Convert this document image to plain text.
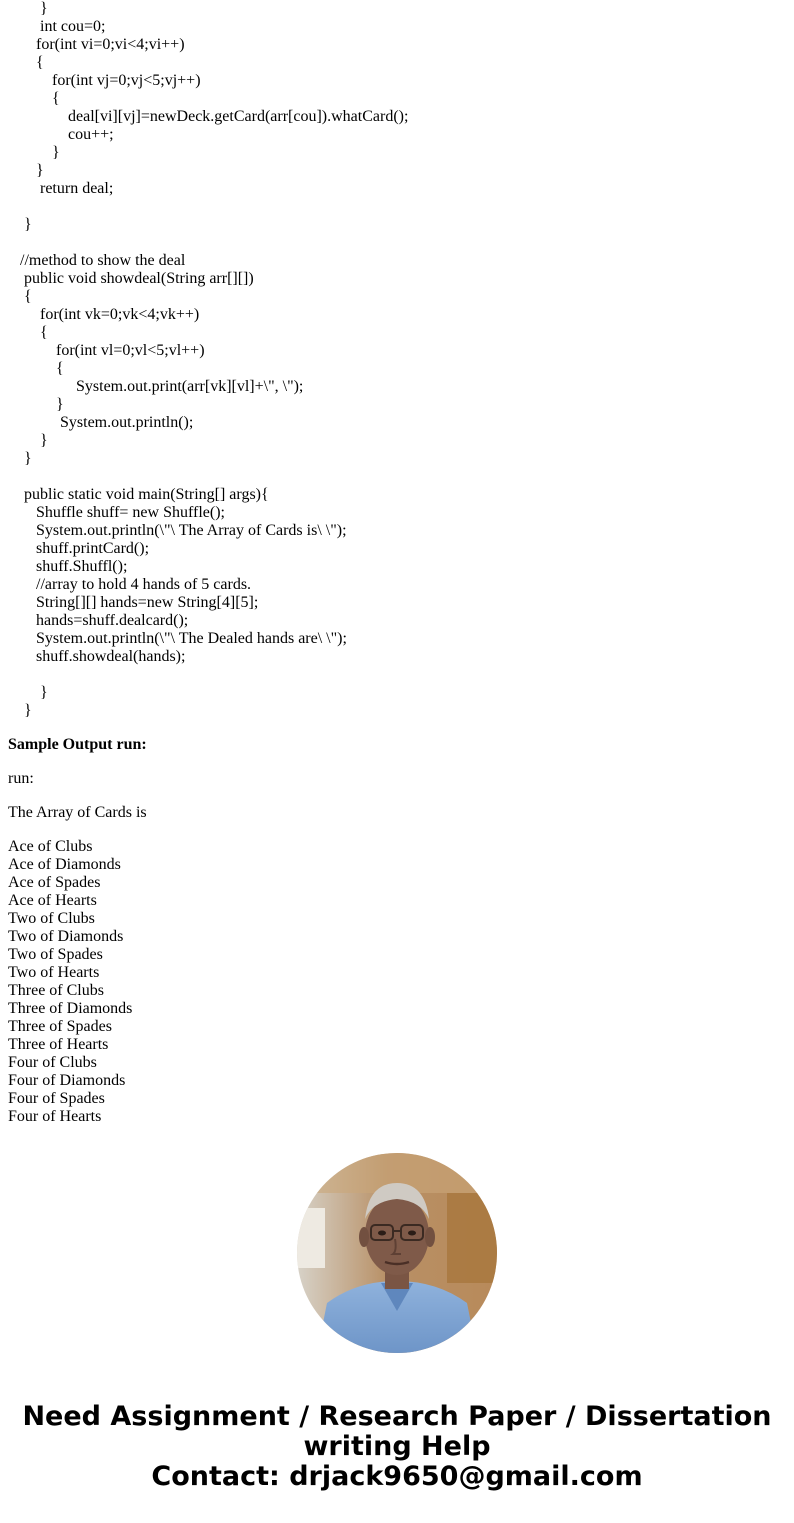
}
int cou=0;
for(int vi=0;vi<4;vi++)
{
for(int vj=0;vj<5;vj++)
{
deal[vi][vj]=newDeck.getCard(arr[cou]).whatCard();
cou++;
}
}
return deal;
}
//method to show the deal
public void showdeal(String arr[][])
{
for(int vk=0;vk<4;vk++)
{
for(int vl=0;vl<5;vl++)
{
System.out.print(arr[vk][vl]+\", \");
}
System.out.println();
}
}
public static void main(String[] args){
Shuffle shuff= new Shuffle();
System.out.println(\"\ The Array of Cards is\ \");
shuff.printCard();
shuff.Shuffl();
//array to hold 4 hands of 5 cards.
String[][] hands=new String[4][5];
hands=shuff.dealcard();
System.out.println(\"\ The Dealed hands are\ \");
shuff.showdeal(hands);
}
}
Sample Output run:
run:
The Array of Cards is
Ace of Clubs
Ace of Diamonds
Ace of Spades
Ace of Hearts
Two of Clubs
Two of Diamonds
Two of Spades
Two of Hearts
Three of Clubs
Three of Diamonds
Three of Spades
Three of Hearts
Four of Clubs
Four of Diamonds
Four of Spades
Four of Hearts
Need Assignment / Research Paper / Dissertation
writing Help
Contact: drjack9650@gmail.com
